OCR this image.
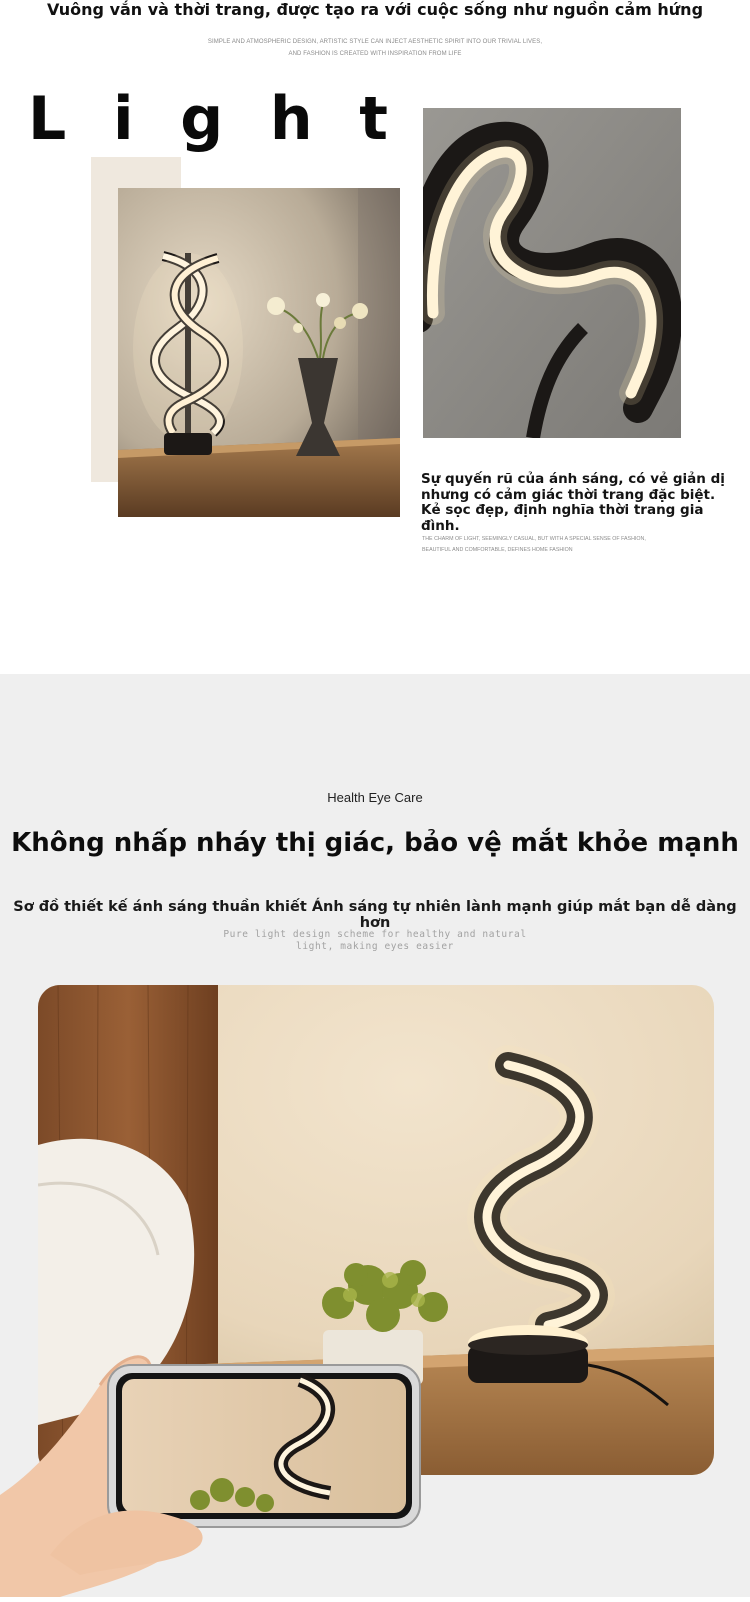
Vuông vắn và thời trang, được tạo ra với cuộc sống như nguồn cảm hứng
SIMPLE AND ATMOSPHERIC DESIGN, ARTISTIC STYLE CAN INJECT AESTHETIC SPIRIT INTO OUR TRIVIAL LIVES,
AND FASHION IS CREATED WITH INSPIRATION FROM LIFE
L i g h t
Sự quyến rũ của ánh sáng, có vẻ giản dị nhưng có cảm giác thời trang đặc biệt. Kẻ sọc đẹp, định nghĩa thời trang gia đình.
THE CHARM OF LIGHT, SEEMINGLY CASUAL, BUT WITH A SPECIAL SENSE OF FASHION,
BEAUTIFUL AND COMFORTABLE, DEFINES HOME FASHION
Health Eye Care
Không nhấp nháy thị giác, bảo vệ mắt khỏe mạnh
Sơ đồ thiết kế ánh sáng thuần khiết Ánh sáng tự nhiên lành mạnh giúp mắt bạn dễ dàng hơn
Pure light design scheme for healthy and natural
light, making eyes easier
